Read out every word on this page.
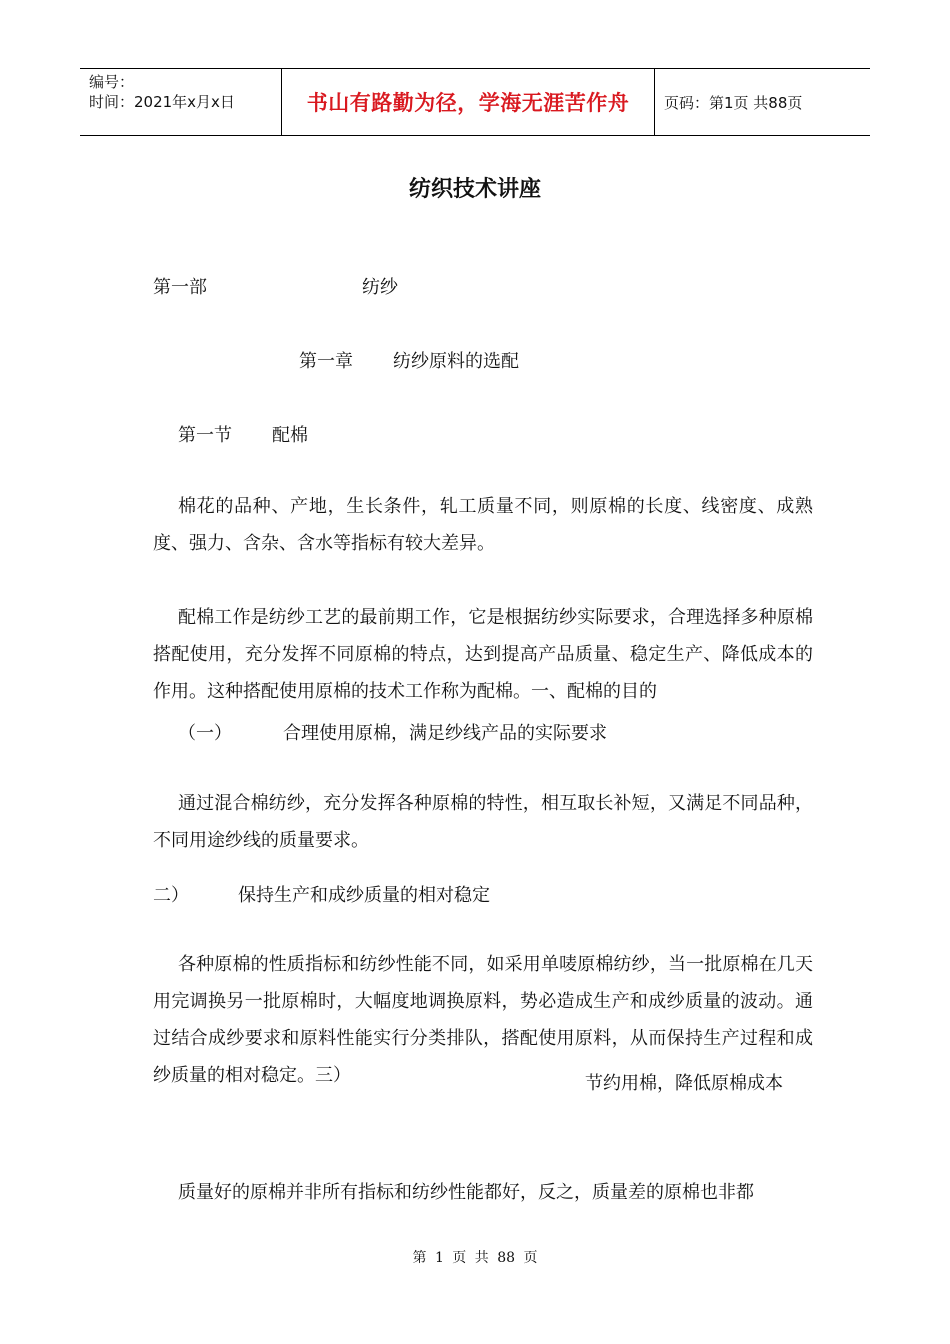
编号：
时间：2021年x月x日	书山有路勤为径，学海无涯苦作舟	页码：第1页 共88页
纺织技术讲座
第一部	纺纱
第一章 纺纱原料的选配
第一节 配棉
棉花的品种、产地，生长条件，轧工质量不同，则原棉的长度、线密度、成熟度、强力、含杂、含水等指标有较大差异。
配棉工作是纺纱工艺的最前期工作，它是根据纺纱实际要求，合理选择多种原棉搭配使用，充分发挥不同原棉的特点，达到提高产品质量、稳定生产、降低成本的作用。这种搭配使用原棉的技术工作称为配棉。一、配棉的目的
（一）	合理使用原棉，满足纱线产品的实际要求
通过混合棉纺纱，充分发挥各种原棉的特性，相互取长补短，又满足不同品种，不同用途纱线的质量要求。
二）	保持生产和成纱质量的相对稳定
各种原棉的性质指标和纺纱性能不同，如采用单唛原棉纺纱，当一批原棉在几天用完调换另一批原棉时，大幅度地调换原料，势必造成生产和成纱质量的波动。通过结合成纱要求和原料性能实行分类排队，搭配使用原料，从而保持生产过程和成纱质量的相对稳定。三）	节约用棉，降低原棉成本
质量好的原棉并非所有指标和纺纱性能都好，反之，质量差的原棉也非都
第 1 页 共 88 页
